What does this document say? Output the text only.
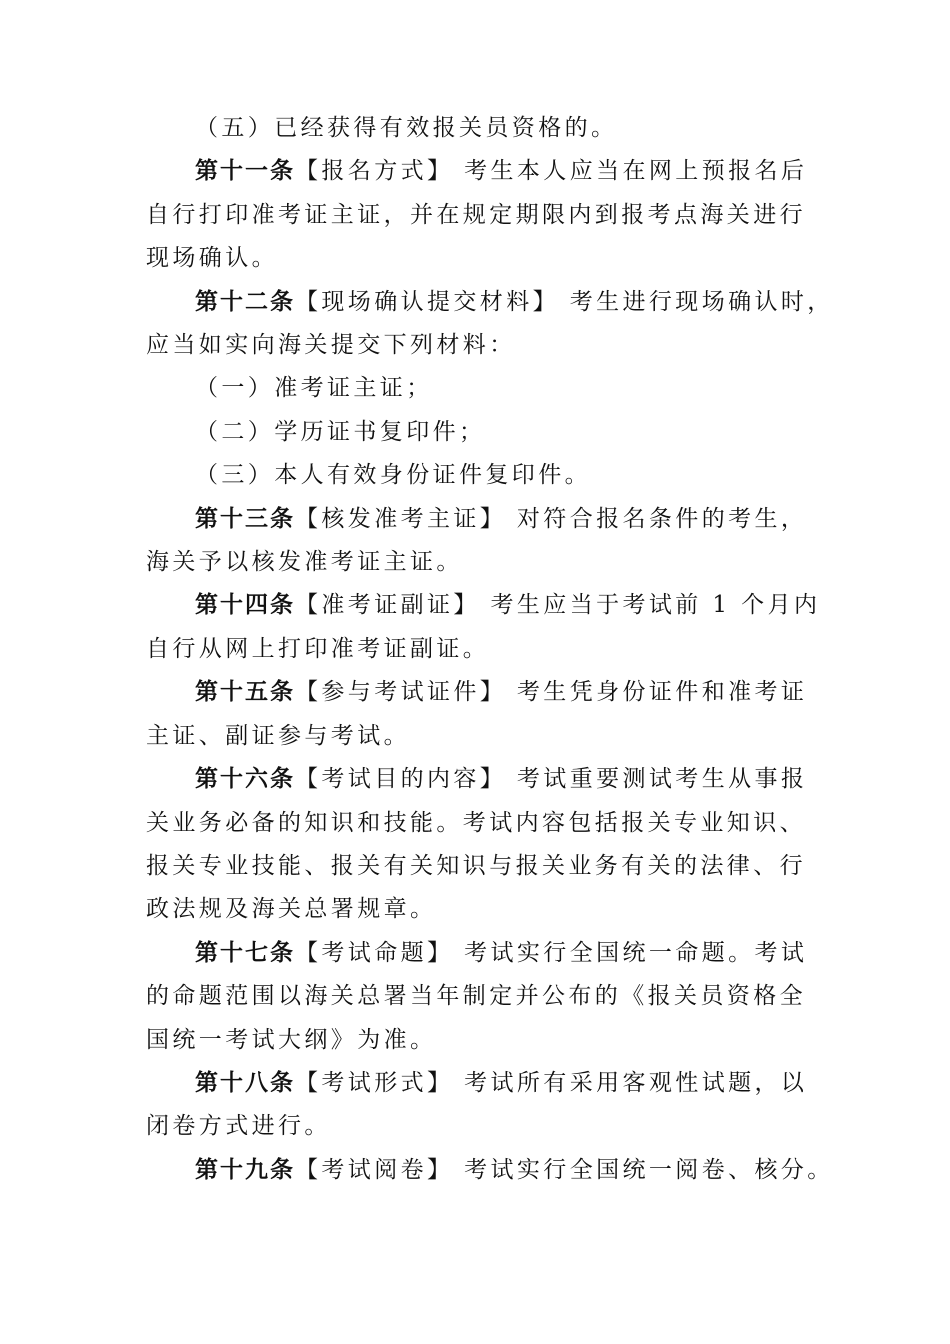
（五）已经获得有效报关员资格的。
第十一条【报名方式】 考生本人应当在网上预报名后
自行打印准考证主证，并在规定期限内到报考点海关进行
现场确认。
第十二条【现场确认提交材料】 考生进行现场确认时，
应当如实向海关提交下列材料：
（一）准考证主证；
（二）学历证书复印件；
（三）本人有效身份证件复印件。
第十三条【核发准考主证】 对符合报名条件的考生，
海关予以核发准考证主证。
第十四条【准考证副证】 考生应当于考试前 1 个月内
自行从网上打印准考证副证。
第十五条【参与考试证件】 考生凭身份证件和准考证
主证、副证参与考试。
第十六条【考试目的内容】 考试重要测试考生从事报
关业务必备的知识和技能。考试内容包括报关专业知识、
报关专业技能、报关有关知识与报关业务有关的法律、行
政法规及海关总署规章。
第十七条【考试命题】 考试实行全国统一命题。考试
的命题范围以海关总署当年制定并公布的《报关员资格全
国统一考试大纲》为准。
第十八条【考试形式】 考试所有采用客观性试题，以
闭卷方式进行。
第十九条【考试阅卷】 考试实行全国统一阅卷、核分。
